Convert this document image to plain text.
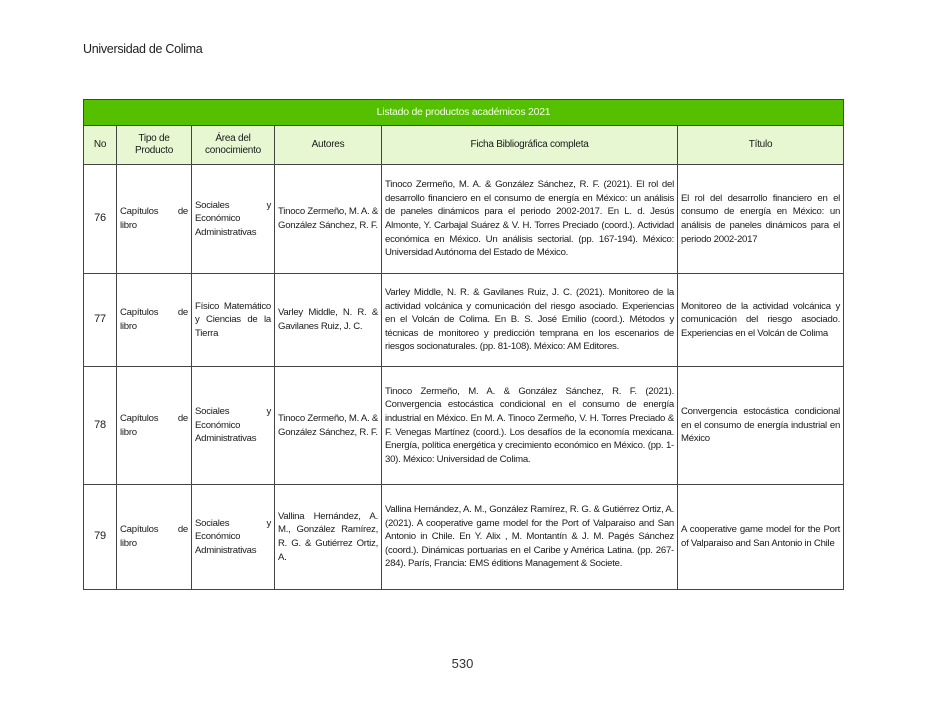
Universidad de Colima
Listado de productos académicos 2021					
No	Tipo de Producto	Área del conocimiento	Autores	Ficha Bibliográfica completa	Título
76	Capítulos de libro	Sociales y Económico Administrativas	Tinoco Zermeño, M. A. & González Sánchez, R. F.	Tinoco Zermeño, M. A. & González Sánchez, R. F. (2021). El rol del desarrollo financiero en el consumo de energía en México: un análisis de paneles dinámicos para el periodo 2002-2017. En L. d. Jesús Almonte, Y. Carbajal Suárez & V. H. Torres Preciado (coord.). Actividad económica en México. Un análisis sectorial. (pp. 167-194). México: Universidad Autónoma del Estado de México.	El rol del desarrollo financiero en el consumo de energía en México: un análisis de paneles dinámicos para el periodo 2002-2017
77	Capítulos de libro	Físico Matemático y Ciencias de la Tierra	Varley Middle, N. R. & Gavilanes Ruiz, J. C.	Varley Middle, N. R. & Gavilanes Ruiz, J. C. (2021). Monitoreo de la actividad volcánica y comunicación del riesgo asociado. Experiencias en el Volcán de Colima. En B. S. José Emilio (coord.). Métodos y técnicas de monitoreo y predicción temprana en los escenarios de riesgos socionaturales. (pp. 81-108). México: AM Editores.	Monitoreo de la actividad volcánica y comunicación del riesgo asociado. Experiencias en el Volcán de Colima
78	Capítulos de libro	Sociales y Económico Administrativas	Tinoco Zermeño, M. A. & González Sánchez, R. F.	Tinoco Zermeño, M. A. & González Sánchez, R. F. (2021). Convergencia estocástica condicional en el consumo de energía industrial en México. En M. A. Tinoco Zermeño, V. H. Torres Preciado & F. Venegas Martínez (coord.). Los desafíos de la economía mexicana. Energía, política energética y crecimiento económico en México. (pp. 1-30). México: Universidad de Colima.	Convergencia estocástica condicional en el consumo de energía industrial en México
79	Capítulos de libro	Sociales y Económico Administrativas	Vallina Hernández, A. M., González Ramírez, R. G. & Gutiérrez Ortiz, A.	Vallina Hernández, A. M., González Ramírez, R. G. & Gutiérrez Ortiz, A. (2021). A cooperative game model for the Port of Valparaiso and San Antonio in Chile. En Y. Alix , M. Montantín & J. M. Pagés Sánchez (coord.). Dinámicas portuarias en el Caribe y América Latina. (pp. 267-284). París, Francia: EMS éditions Management & Societe.	A cooperative game model for the Port of Valparaiso and San Antonio in Chile
530
